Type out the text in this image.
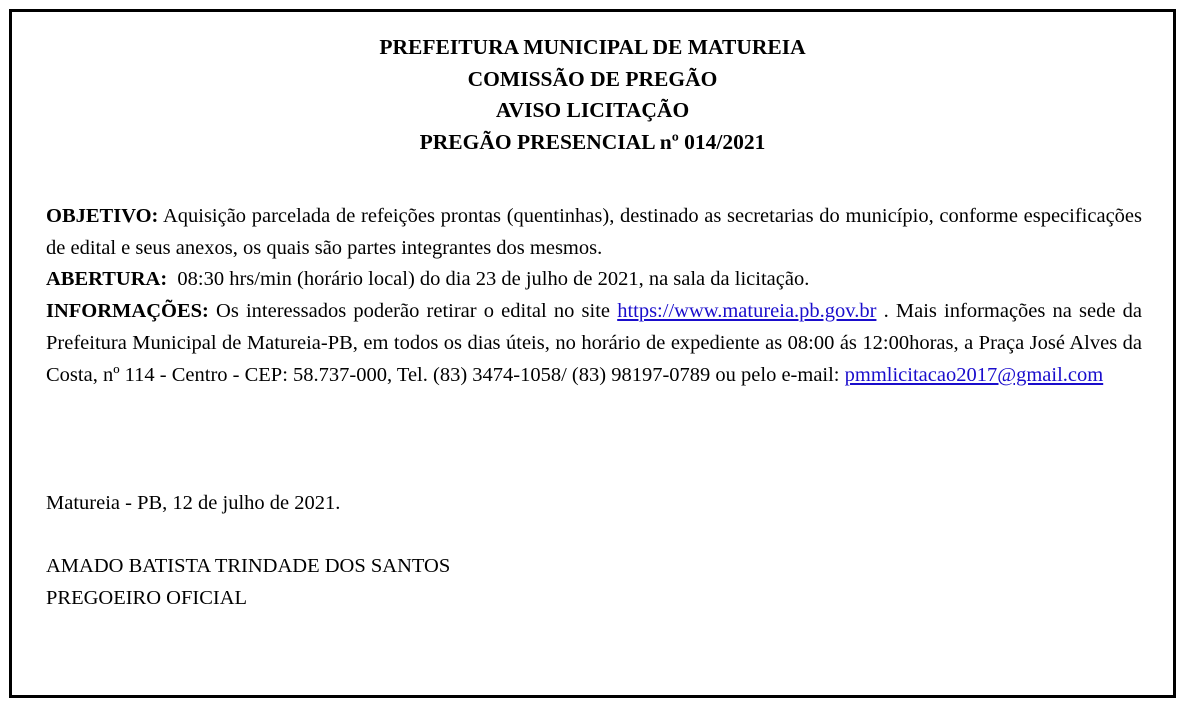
PREFEITURA MUNICIPAL DE MATUREIA
COMISSÃO DE PREGÃO
AVISO LICITAÇÃO
PREGÃO PRESENCIAL nº 014/2021

OBJETIVO: Aquisição parcelada de refeições prontas (quentinhas), destinado as secretarias do município, conforme especificações de edital e seus anexos, os quais são partes integrantes dos mesmos.

ABERTURA:  08:30 hrs/min (horário local) do dia 23 de julho de 2021, na sala da licitação.

INFORMAÇÕES: Os interessados poderão retirar o edital no site https://www.matureia.pb.gov.br . Mais informações na sede da Prefeitura Municipal de Matureia-PB, em todos os dias úteis, no horário de expediente as 08:00 ás 12:00horas, a Praça José Alves da Costa, nº 114 - Centro - CEP: 58.737-000, Tel. (83) 3474-1058/ (83) 98197-0789 ou pelo e-mail: pmmlicitacao2017@gmail.com

Matureia - PB, 12 de julho de 2021.
AMADO BATISTA TRINDADE DOS SANTOS
PREGOEIRO OFICIAL
